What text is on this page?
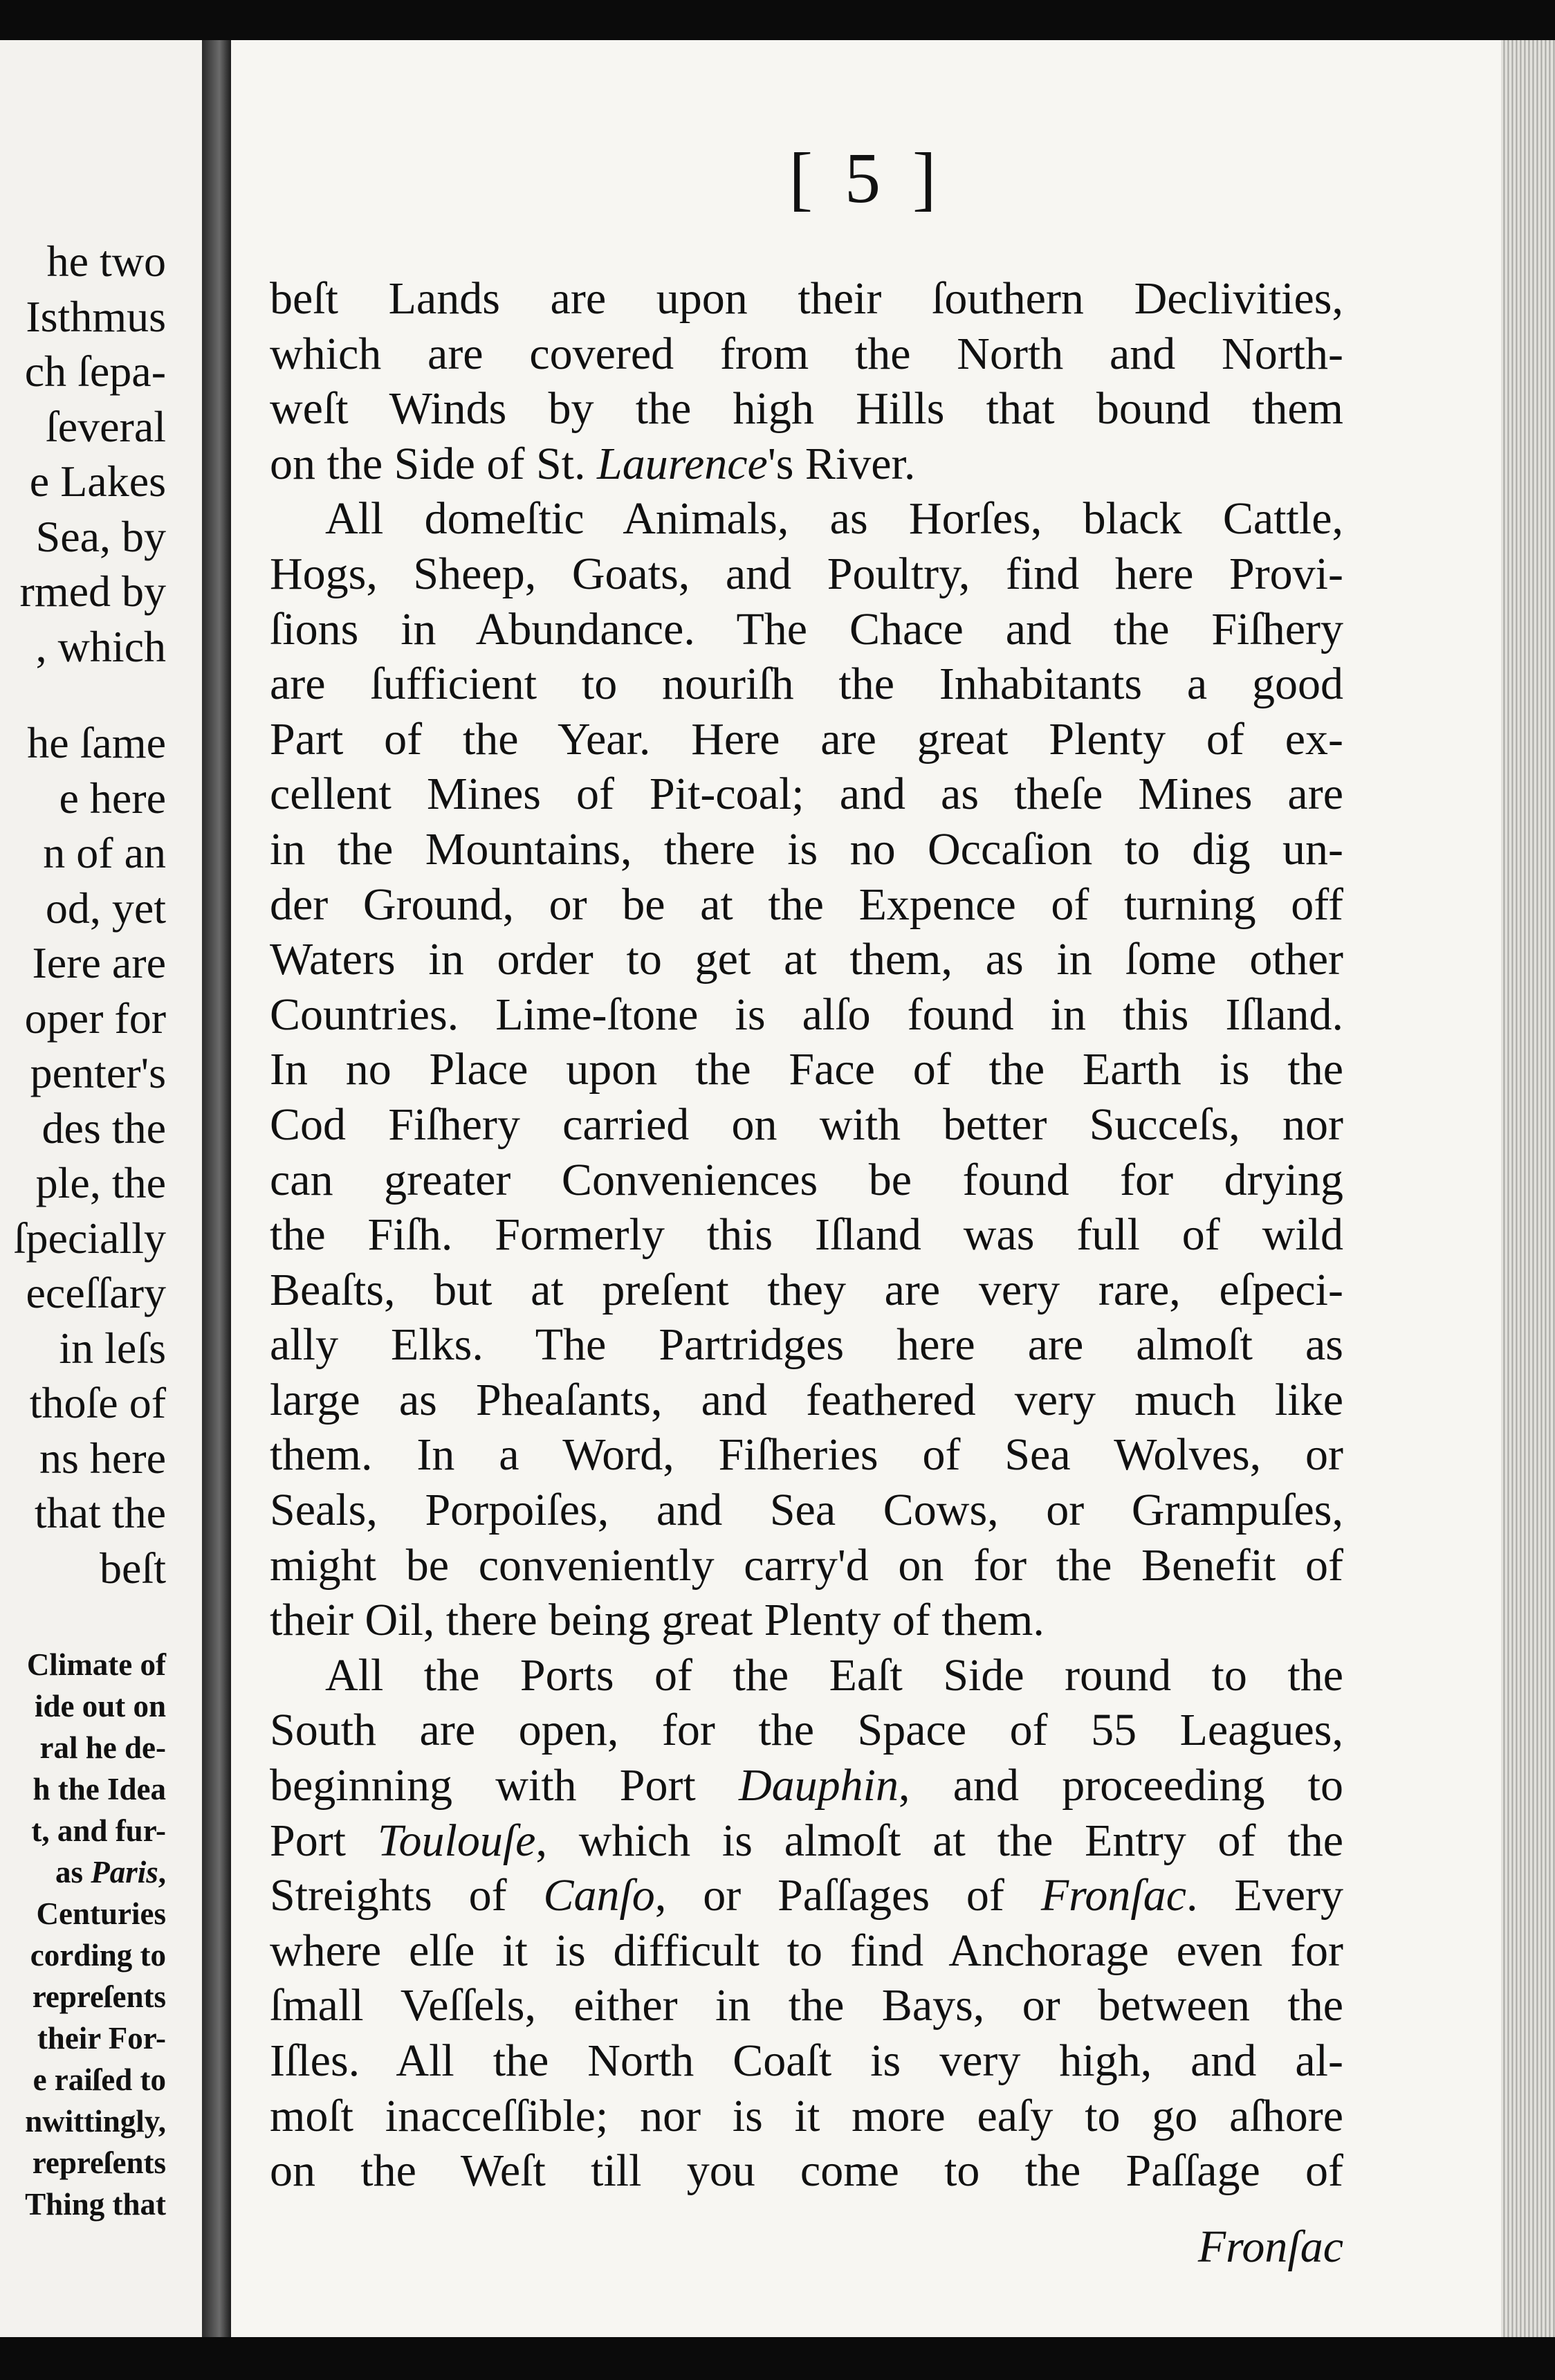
he two
Isthmus
ch ſepa-
ſeveral
e Lakes
Sea, by
rmed by
, which
he ſame
e here
n of an
od, yet
Iere are
oper for
penter's
des the
ple, the
ſpecially
eceſſary
in leſs
thoſe of
ns here
that the
beſt
Climate of
ide out on
ral he de-
h the Idea
t, and fur-
as Paris,
Centuries
cording to
repreſents
their For-
e raiſed to
nwittingly,
repreſents
Thing that
[ 5 ]
beſt Lands are upon their ſouthern Declivities,
which are covered from the North and North-
weſt Winds by the high Hills that bound them
on the Side of St. Laurence's River.
All domeſtic Animals, as Horſes, black Cattle,
Hogs, Sheep, Goats, and Poultry, find here Provi-
ſions in Abundance. The Chace and the Fiſhery
are ſufficient to nouriſh the Inhabitants a good
Part of the Year. Here are great Plenty of ex-
cellent Mines of Pit-coal; and as theſe Mines are
in the Mountains, there is no Occaſion to dig un-
der Ground, or be at the Expence of turning off
Waters in order to get at them, as in ſome other
Countries. Lime-ſtone is alſo found in this Iſland.
In no Place upon the Face of the Earth is the
Cod Fiſhery carried on with better Succeſs, nor
can greater Conveniences be found for drying
the Fiſh. Formerly this Iſland was full of wild
Beaſts, but at preſent they are very rare, eſpeci-
ally Elks. The Partridges here are almoſt as
large as Pheaſants, and feathered very much like
them. In a Word, Fiſheries of Sea Wolves, or
Seals, Porpoiſes, and Sea Cows, or Grampuſes,
might be conveniently carry'd on for the Benefit of
their Oil, there being great Plenty of them.
All the Ports of the Eaſt Side round to the
South are open, for the Space of 55 Leagues,
beginning with Port Dauphin, and proceeding to
Port Toulouſe, which is almoſt at the Entry of the
Streights of Canſo, or Paſſages of Fronſac. Every
where elſe it is difficult to find Anchorage even for
ſmall Veſſels, either in the Bays, or between the
Iſles. All the North Coaſt is very high, and al-
moſt inacceſſible; nor is it more eaſy to go aſhore
on the Weſt till you come to the Paſſage of
Fronſac
